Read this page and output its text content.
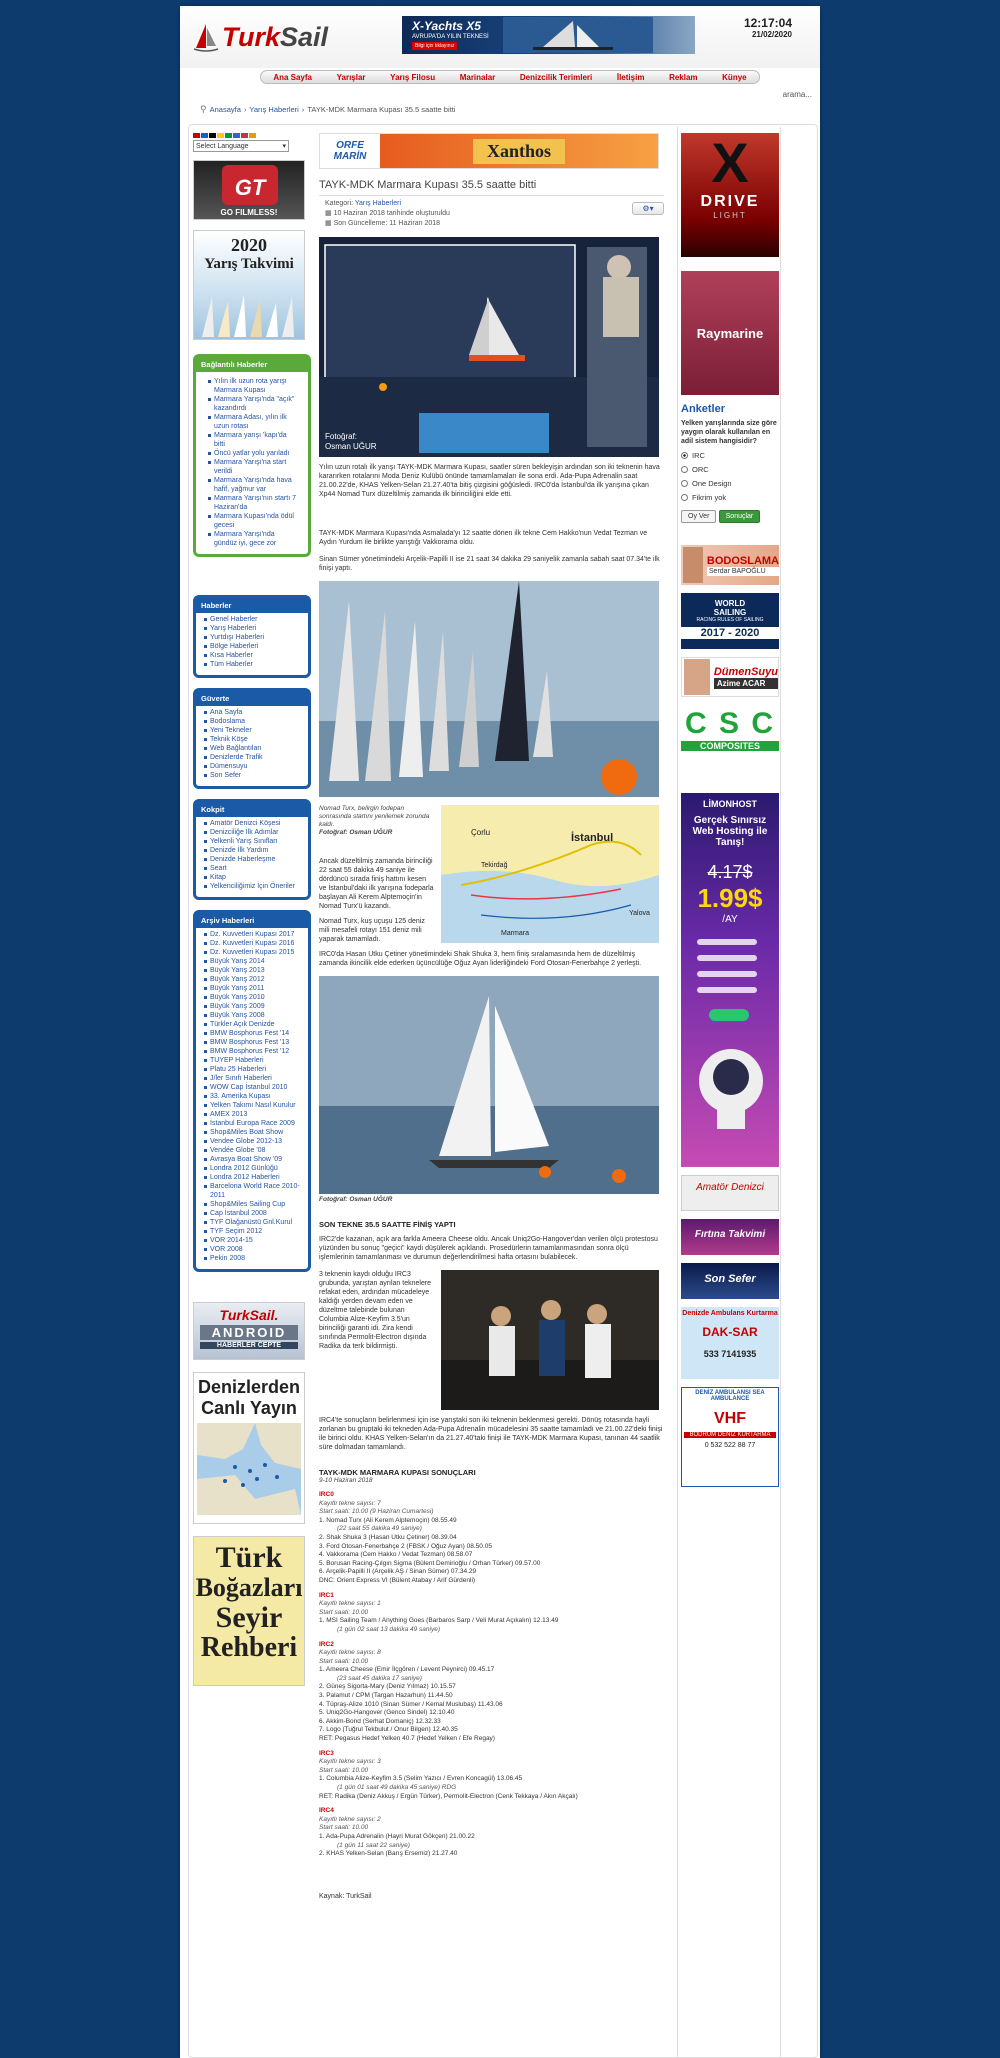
TurkSail	X-Yachts X5
AVRUPA'DA YILIN TEKNESİ
Bilgi için tıklayınız
12:17:04
21/02/2020
Ana Sayfa	Yarışlar	Yarış Filosu	Marinalar	Denizcilik Terimleri	İletişim	Reklam	Künye
arama...
⚲ Anasayfa › Yarış Haberleri › TAYK-MDK Marmara Kupası 35.5 saatte bitti
Select Language	▾
GT
GO FILMLESS!
2020
Yarış Takvimi
Bağlantılı Haberler
Yılın ilk uzun rota yarışı Marmara Kupası
Marmara Yarışı'nda "açık" kazandırdı
Marmara Adası, yılın ilk uzun rotası
Marmara yarışı 'kapı'da bitti
Öncü yatlar yolu yarıladı
Marmara Yarışı'na start verildi
Marmara Yarışı'nda hava hafif, yağmur var
Marmara Yarışı'nın startı 7 Haziran'da
Marmara Kupası'nda ödül gecesi
Marmara Yarışı'nda gündüz iyi, gece zor
Haberler
Genel Haberler
Yarış Haberleri
Yurtdışı Haberleri
Bölge Haberleri
Kısa Haberler
Tüm Haberler
Güverte
Ana Sayfa
Bodoslama
Yeni Tekneler
Teknik Köşe
Web Bağlantıları
Denizlerde Trafik
Dümensuyu
Son Sefer
Kokpit
Amatör Denizci Köşesi
Denizciliğe İlk Adımlar
Yelkenli Yarış Sınıfları
Denizde İlk Yardım
Denizde Haberleşme
Seart
Kitap
Yelkenciliğimiz İçin Öneriler
Arşiv Haberleri
Dz. Kuvvetleri Kupası 2017
Dz. Kuvvetleri Kupası 2016
Dz. Kuvvetleri Kupası 2015
Büyük Yarış 2014
Büyük Yarış 2013
Büyük Yarış 2012
Büyük Yarış 2011
Büyük Yarış 2010
Büyük Yarış 2009
Büyük Yarış 2008
Türkler Açık Denizde
BMW Bosphorus Fest '14
BMW Bosphorus Fest '13
BMW Bosphorus Fest '12
TUYEP Haberleri
Platu 25 Haberleri
J/ler Sınıfı Haberleri
WOW Cap İstanbul 2010
33. Amerika Kupası
Yelken Takımı Nasıl Kurulur
AMEX 2013
İstanbul Europa Race 2009
Shop&Miles Boat Show
Vendee Globe 2012-13
Vendée Globe '08
Avrasya Boat Show '09
Londra 2012 Günlüğü
Londra 2012 Haberleri
Barcelona World Race 2010-2011
Shop&Miles Sailing Cup
Cap İstanbul 2008
TYF Olağanüstü Gnl.Kurul
TYF Seçim 2012
VOR 2014-15
VOR 2008
Pekin 2008
TurkSail.
ANDROID
HABERLER CEPTE
Denizlerden
Canlı Yayın
Türk
Boğazları
Seyir
Rehberi
ORFE
MARİN	Xanthos
TAYK-MDK Marmara Kupası 35.5 saatte bitti
Kategori: Yarış Haberleri
▦ 10 Haziran 2018 tarihinde oluşturuldu
▦ Son Güncelleme: 11 Haziran 2018
⚙▾
Fotoğraf:
Osman UĞUR

Yılın uzun rotalı ilk yarışı TAYK-MDK Marmara Kupası, saatler süren bekleyişin ardından son iki teknenin hava kararırken rotalarını Moda Deniz Kulübü önünde tamamlamaları ile sona erdi. Ada-Pupa Adrenalin saat 21.00.22'de, KHAS Yelken-Selan 21.27.40'ta bitiş çizgisini göğüsledi. IRC0'da İstanbul'da ilk yarışına çıkan Xp44 Nomad Turx düzeltilmiş zamanda ilk birinciliğini elde etti.

TAYK-MDK Marmara Kupası'nda Asmalada'yı 12 saatte dönen ilk tekne Cem Hakko'nun Vedat Tezman ve Aydın Yurdum ile birlikte yarıştığı Vakkorama oldu.

Sinan Sümer yönetimindeki Arçelik-Papilli II ise 21 saat 34 dakika 29 saniyelik zamanla sabah saat 07.34'te ilk finişi yaptı.

Nomad Turx, belirgin fodepan sonrasında startını yenilemek zorunda kaldı.
Fotoğraf: Osman UĞUR

Ancak düzeltilmiş zamanda birinciliği 22 saat 55 dakika 49 saniye ile dördüncü sırada finiş hattını kesen ve İstanbul'daki ilk yarışına fodeparla başlayan Ali Kerem Alptemoçin'in Nomad Turx'ü kazandı.

Nomad Turx, kuş uçuşu 125 deniz mili mesafeli rotayı 151 deniz mili yaparak tamamladı.

Çorlu	İstanbul
Tekirdağ
Marmara
Yalova

IRC0'da Hasan Utku Çetiner yönetimindeki Shak Shuka 3, hem finiş sıralamasında hem de düzeltilmiş zamanda ikincilik elde ederken üçüncülüğe Oğuz Ayan liderliğindeki Ford Otosan-Fenerbahçe 2 yerleşti.

Fotoğraf: Osman UĞUR
SON TEKNE 35.5 SAATTE FİNİŞ YAPTI

IRC2'de kazanan, açık ara farkla Ameera Cheese oldu. Ancak Uniq2Go-Hangover'dan verilen ölçü protestosu yüzünden bu sonuç "geçici" kaydı düşülerek açıklandı. Prosedürlerin tamamlanmasından sonra ölçü işlemlerinin tamamlanması ve durumun değerlendirilmesi hafta ortasını bulabilecek.

3 teknenin kaydı olduğu IRC3 grubunda, yarıştan ayrılan teknelere refakat eden, ardından mücadeleye kaldığı yerden devam eden ve düzeltme talebinde bulunan Columbia Alize-Keyfim 3.5'un birinciliği garanti idi. Zira kendi sınıfında Permolit-Electron dışında Radika da terk bildirmişti.

IRC4'te sonuçların belirlenmesi için ise yarıştaki son iki teknenin beklenmesi gerekti. Dönüş rotasında hayli zorlanan bu gruptaki iki tekneden Ada-Pupa Adrenalin mücadelesini 35 saatte tamamladı ve 21.00.22'deki finişi ile birinci oldu. KHAS Yelken-Selan'ın da 21.27.40'taki finişi ile TAYK-MDK Marmara Kupası, tanınan 44 saatlik süre dolmadan tamamlandı.

TAYK-MDK MARMARA KUPASI SONUÇLARI
9-10 Haziran 2018
IRC0
Kayıtlı tekne sayısı: 7
Start saati: 10.00 (9 Haziran Cumartesi)
1. Nomad Turx (Ali Kerem Alptemoçin) 08.55.49
(22 saat 55 dakika 49 saniye)
2. Shak Shuka 3 (Hasan Utku Çetiner) 08.39.04
3. Ford Otosan-Fenerbahçe 2 (FBSK / Oğuz Ayan) 08.50.05
4. Vakkorama (Cem Hakko / Vedat Tezman) 08.58.07
5. Borusan Racing-Çılgın Sigma (Bülent Demirioğlu / Orhan Türker) 09.57.00
6. Arçelik-Papilli II (Arçelik AŞ / Sinan Sümer) 07.34.29
DNC: Orient Express VI (Bülent Atabay / Arif Gürdenli)
IRC1
Kayıtlı tekne sayısı: 1
Start saati: 10.00
1. MSI Sailing Team / Anything Goes (Barbaros Sarp / Veli Murat Açıkalın) 12.13.49
(1 gün 02 saat 13 dakika 49 saniye)
IRC2
Kayıtlı tekne sayısı: 8
Start saati: 10.00
1. Ameera Cheese (Emir İlçgören / Levent Peynirci) 09.45.17
(23 saat 45 dakika 17 saniye)
2. Güneş Sigorta-Mary (Deniz Yılmaz) 10.15.57
3. Palamut / CPM (Targan Hazarhun) 11.44.50
4. Tüpraş-Alize 1010 (Sinan Sümer / Kemal Muslubaş) 11.43.06
5. Uniq2Go-Hangover (Genco Sindel) 12.10.40
6. Akkim-Bond (Serhat Domaniç) 12.32.33
7. Logo (Tuğrul Tekbulut / Onur Bilgen) 12.40.35
RET: Pegasus Hedef Yelken 40.7 (Hedef Yelken / Efe Regay)
IRC3
Kayıtlı tekne sayısı: 3
Start saati: 10.00
1. Columbia Alize-Keyfim 3.5 (Selim Yazıcı / Evren Koncagül) 13.06.45
(1 gün 01 saat 49 dakika 45 saniye) RDG
RET: Radika (Deniz Akkuş / Ergün Türker), Permolit-Electron (Cenk Tekkaya / Akın Akçalı)
IRC4
Kayıtlı tekne sayısı: 2
Start saati: 10.00
1. Ada-Pupa Adrenalin (Hayri Murat Gökçen) 21.00.22
(1 gün 11 saat 22 saniye)
2. KHAS Yelken-Selan (Barış Ersemiz) 21.27.40
Kaynak: TurkSail
X
DRIVE
LIGHT
Raymarine
Anketler
Yelken yarışlarında size göre yaygın olarak kullanılan en adil sistem hangisidir?
IRC
ORC
One Design
Fikrim yok
Oy Ver Sonuçlar
BODOSLAMA
Serdar BAPOĞLU
WORLD
SAILING
RACING RULES OF SAILING
2017 - 2020
DümenSuyu
Azime ACAR
C S C
COMPOSITES
LİMONHOST
Gerçek Sınırsız Web Hosting ile Tanış!
4.17$
1.99$
/AY
Amatör Denizci
Fırtına Takvimi
Son Sefer
Denizde Ambulans Kurtarma
DAK-SAR
533 7141935
DENİZ AMBULANSI SEA AMBULANCE
VHF
BODRUM DENİZ KURTARMA
0 532 522 88 77
